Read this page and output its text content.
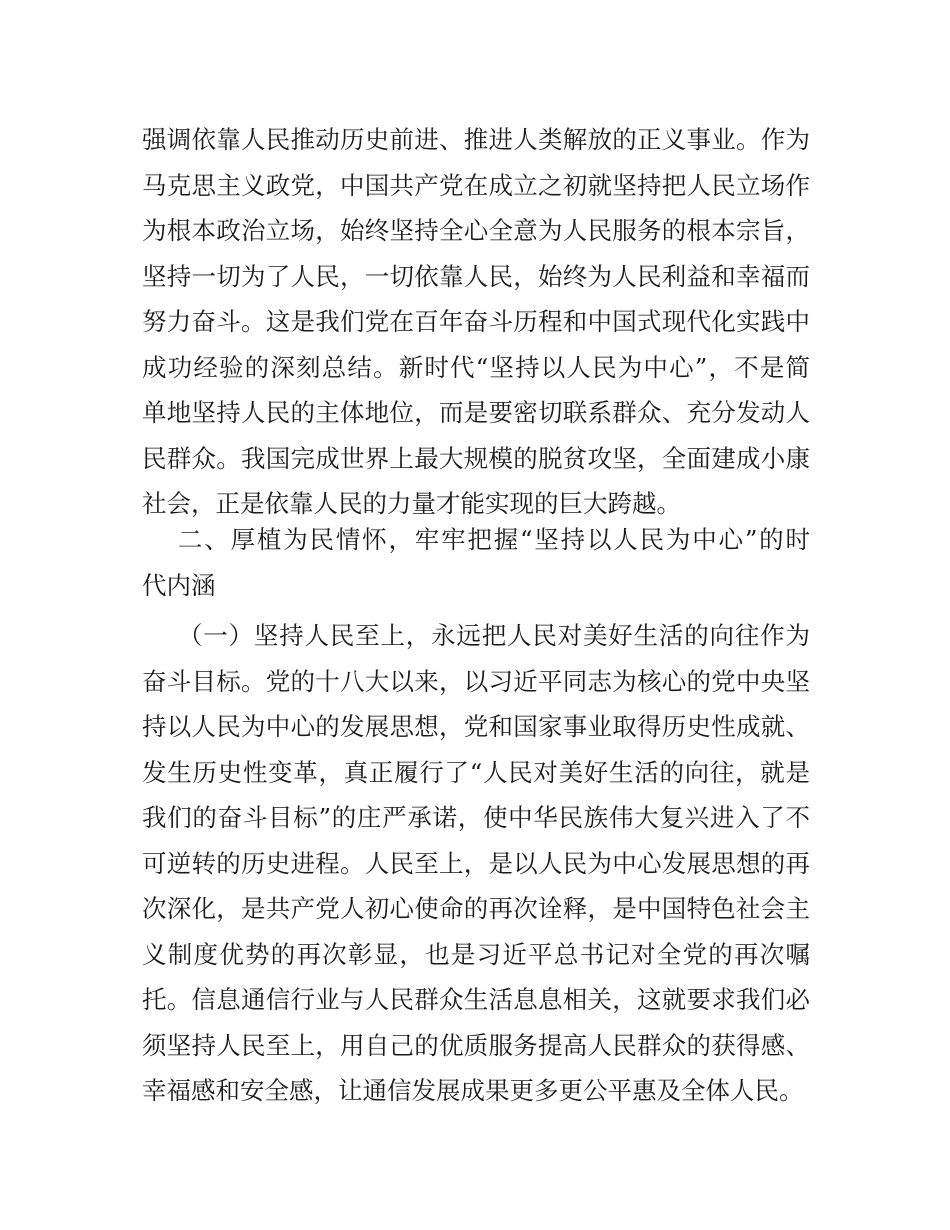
强调依靠人民推动历史前进、推进人类解放的正义事业。作为
马克思主义政党，中国共产党在成立之初就坚持把人民立场作
为根本政治立场，始终坚持全心全意为人民服务的根本宗旨，
坚持一切为了人民，一切依靠人民，始终为人民利益和幸福而
努力奋斗。这是我们党在百年奋斗历程和中国式现代化实践中
成功经验的深刻总结。新时代“坚持以人民为中心”，不是简
单地坚持人民的主体地位，而是要密切联系群众、充分发动人
民群众。我国完成世界上最大规模的脱贫攻坚，全面建成小康
社会，正是依靠人民的力量才能实现的巨大跨越。
二、厚植为民情怀，牢牢把握“坚持以人民为中心”的时
代内涵
（一）坚持人民至上，永远把人民对美好生活的向往作为
奋斗目标。党的十八大以来，以习近平同志为核心的党中央坚
持以人民为中心的发展思想，党和国家事业取得历史性成就、
发生历史性变革，真正履行了“人民对美好生活的向往，就是
我们的奋斗目标”的庄严承诺，使中华民族伟大复兴进入了不
可逆转的历史进程。人民至上，是以人民为中心发展思想的再
次深化，是共产党人初心使命的再次诠释，是中国特色社会主
义制度优势的再次彰显，也是习近平总书记对全党的再次嘱
托。信息通信行业与人民群众生活息息相关，这就要求我们必
须坚持人民至上，用自己的优质服务提高人民群众的获得感、
幸福感和安全感，让通信发展成果更多更公平惠及全体人民。
